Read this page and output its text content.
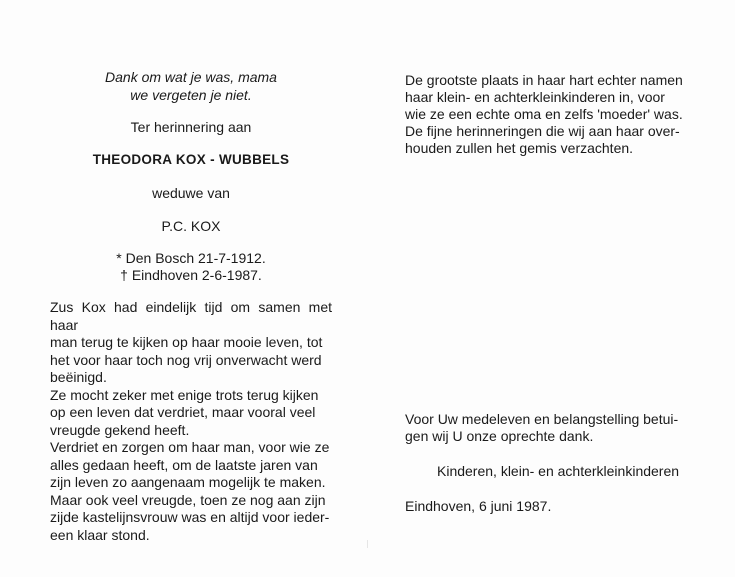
Dank om wat je was, mama

we vergeten je niet.

Ter herinnering aan

THEODORA KOX - WUBBELS

weduwe van

P.C. KOX

* Den Bosch 21-7-1912.

† Eindhoven 2-6-1987.

Zus Kox had eindelijk tijd om samen met haar

man terug te kijken op haar mooie leven, tot

het voor haar toch nog vrij onverwacht werd

beëinigd.

Ze mocht zeker met enige trots terug kijken

op een leven dat verdriet, maar vooral veel

vreugde gekend heeft.

Verdriet en zorgen om haar man, voor wie ze

alles gedaan heeft, om de laatste jaren van

zijn leven zo aangenaam mogelijk te maken.

Maar ook veel vreugde, toen ze nog aan zijn

zijde kastelijnsvrouw was en altijd voor ieder-

een klaar stond.

De grootste plaats in haar hart echter namen

haar klein- en achterkleinkinderen in, voor

wie ze een echte oma en zelfs 'moeder' was.

De fijne herinneringen die wij aan haar over-

houden zullen het gemis verzachten.

Voor Uw medeleven en belangstelling betui-

gen wij U onze oprechte dank.

Kinderen, klein- en achterkleinkinderen

Eindhoven, 6 juni 1987.
